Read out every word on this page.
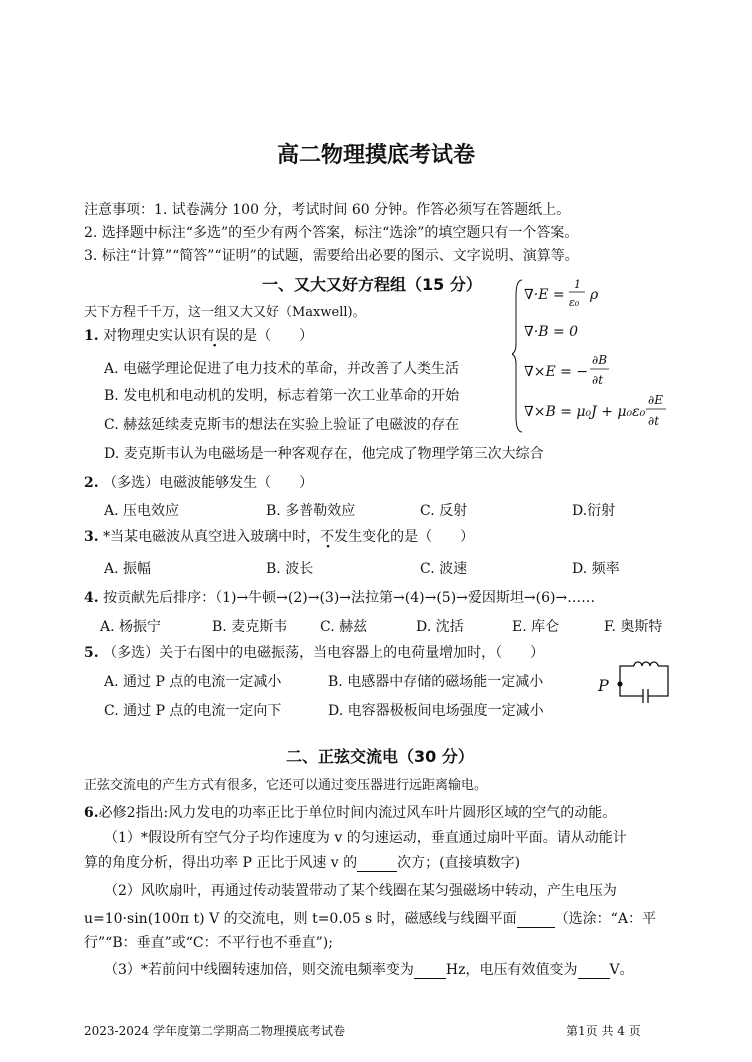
高二物理摸底考试卷
注意事项：1. 试卷满分 100 分，考试时间 60 分钟。作答必须写在答题纸上。
2. 选择题中标注“多选”的至少有两个答案，标注“选涂”的填空题只有一个答案。
3. 标注“计算”“简答”“证明”的试题，需要给出必要的图示、文字说明、演算等。
一、又大又好方程组（15 分）
天下方程千千万，这一组又大又好（Maxwell)。
∇·E =
1
ε₀ ρ
∇·B = 0
∇×E = −
∂B
∂t
∇×B = μ₀J + μ₀ε₀
∂E
∂t
1. 对物理史实认识有误的是（　　）
A. 电磁学理论促进了电力技术的革命，并改善了人类生活
B. 发电机和电动机的发明，标志着第一次工业革命的开始
C. 赫兹延续麦克斯韦的想法在实验上验证了电磁波的存在
D. 麦克斯韦认为电磁场是一种客观存在，他完成了物理学第三次大综合
2. （多选）电磁波能够发生（　　）
A. 压电效应	B. 多普勒效应	C. 反射	D.衍射
3. *当某电磁波从真空进入玻璃中时，不发生变化的是（　　）
A. 振幅	B. 波长	C. 波速	D. 频率
4. 按贡献先后排序：（1)→牛顿→(2)→(3)→法拉第→(4)→(5)→爱因斯坦→(6)→……
A. 杨振宁	B. 麦克斯韦 C. 赫兹	D. 沈括	E. 库仑	F. 奥斯特
5. （多选）关于右图中的电磁振荡，当电容器上的电荷量增加时，（　　）
A. 通过 P 点的电流一定减小	B. 电感器中存储的磁场能一定减小
C. 通过 P 点的电流一定向下	D. 电容器极板间电场强度一定减小
P
二、正弦交流电（30 分）
正弦交流电的产生方式有很多，它还可以通过变压器进行远距离输电。
6.必修2指出:风力发电的功率正比于单位时间内流过风车叶片圆形区域的空气的动能。
（1）*假设所有空气分子均作速度为 v 的匀速运动，垂直通过扇叶平面。请从动能计
算的角度分析，得出功率 P 正比于风速 v 的	次方；(直接填数字)
（2）风吹扇叶，再通过传动装置带动了某个线圈在某匀强磁场中转动，产生电压为
u=10·sin(100π t) V 的交流电，则 t=0.05 s 时，磁感线与线圈平面	（选涂：“A：平
行”“B：垂直”或“C：不平行也不垂直”);
（3）*若前问中线圈转速加倍，则交流电频率变为 Hz，电压有效值变为 V。
2023-2024 学年度第二学期高二物理摸底考试卷	第1页 共 4 页
